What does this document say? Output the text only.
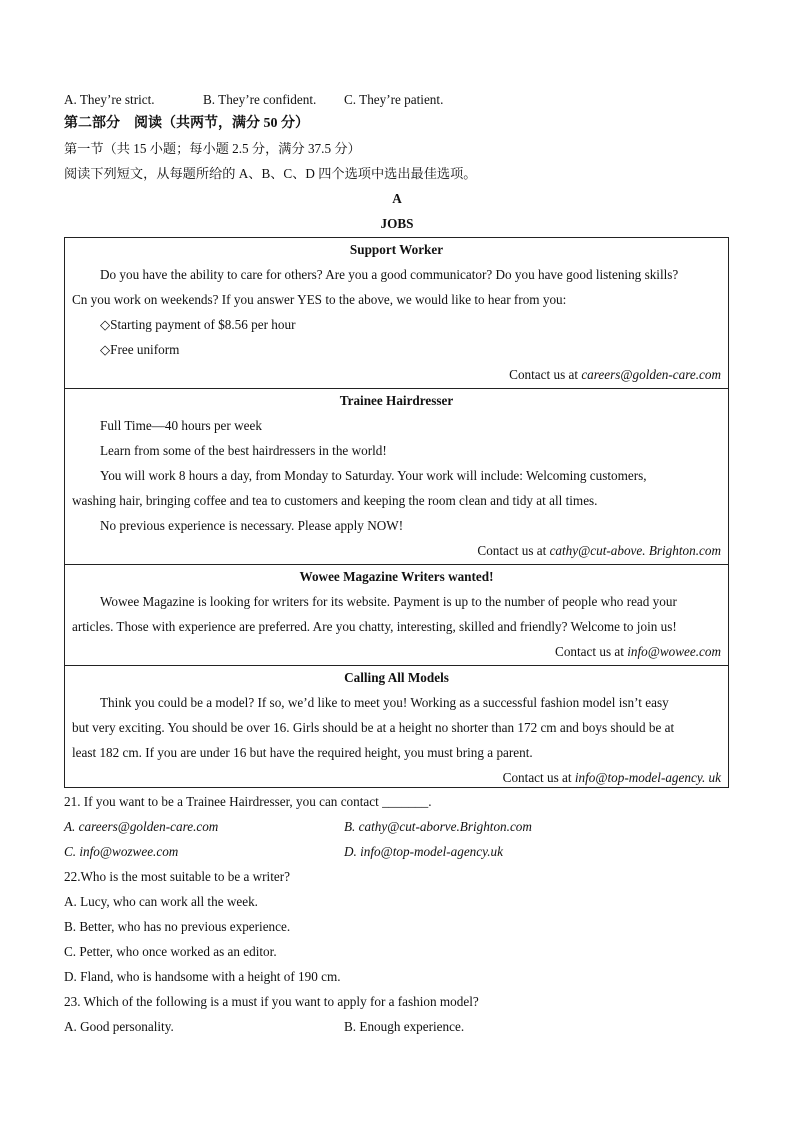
A. They’re strict.	B. They’re confident. C. They’re patient.
第二部分　阅读（共两节，满分 50 分）
第一节（共 15 小题；每小题 2.5 分，满分 37.5 分）
阅读下列短文，从每题所给的 A、B、C、D 四个选项中选出最佳选项。
A
JOBS
Support Worker
Do you have the ability to care for others? Are you a good communicator? Do you have good listening skills?
Cn you work on weekends? If you answer YES to the above, we would like to hear from you:
◇Starting payment of $8.56 per hour
◇Free uniform
Contact us at careers@golden-care.com
Trainee Hairdresser
Full Time—40 hours per week
Learn from some of the best hairdressers in the world!
You will work 8 hours a day, from Monday to Saturday. Your work will include: Welcoming customers,
washing hair, bringing coffee and tea to customers and keeping the room clean and tidy at all times.
No previous experience is necessary. Please apply NOW!
Contact us at cathy@cut-above. Brighton.com
Wowee Magazine Writers wanted!
Wowee Magazine is looking for writers for its website. Payment is up to the number of people who read your
articles. Those with experience are preferred. Are you chatty, interesting, skilled and friendly? Welcome to join us!
Contact us at info@wowee.com
Calling All Models
Think you could be a model? If so, we’d like to meet you! Working as a successful fashion model isn’t easy
but very exciting. You should be over 16. Girls should be at a height no shorter than 172 cm and boys should be at
least 182 cm. If you are under 16 but have the required height, you must bring a parent.
Contact us at info@top-model-agency. uk
21. If you want to be a Trainee Hairdresser, you can contact _______.
A. careers@golden-care.com	B. cathy@cut-aborve.Brighton.com
C. info@wozwee.com	D. info@top-model-agency.uk
22.Who is the most suitable to be a writer?
A. Lucy, who can work all the week.
B. Better, who has no previous experience.
C. Petter, who once worked as an editor.
D. Fland, who is handsome with a height of 190 cm.
23. Which of the following is a must if you want to apply for a fashion model?
A. Good personality.	B. Enough experience.
